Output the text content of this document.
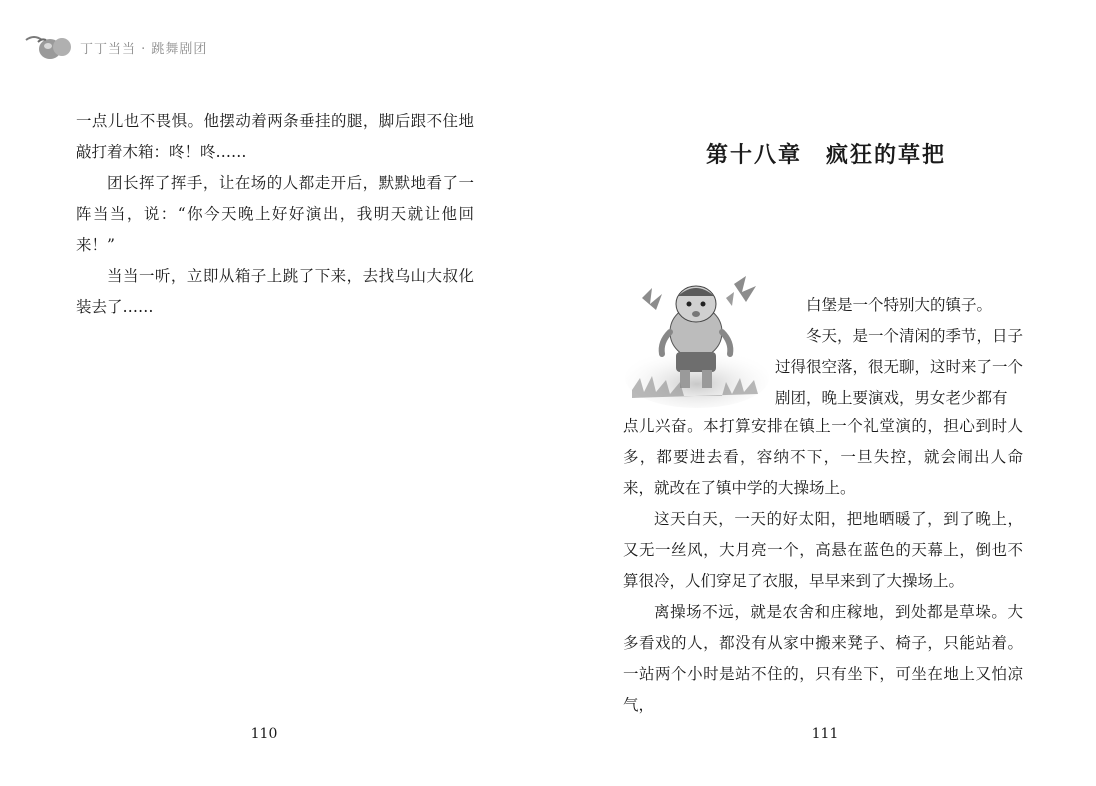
丁丁当当 · 跳舞剧团

一点儿也不畏惧。他摆动着两条垂挂的腿，脚后跟不住地敲打着木箱：咚！咚……

团长挥了挥手，让在场的人都走开后，默默地看了一阵当当，说：“你今天晚上好好演出，我明天就让他回来！”

当当一听，立即从箱子上跳了下来，去找乌山大叔化装去了……

110
第十八章 疯狂的草把

白堡是一个特别大的镇子。

冬天，是一个清闲的季节，日子过得很空落，很无聊，这时来了一个剧团，晚上要演戏，男女老少都有

点儿兴奋。本打算安排在镇上一个礼堂演的，担心到时人多，都要进去看，容纳不下，一旦失控，就会闹出人命来，就改在了镇中学的大操场上。

这天白天，一天的好太阳，把地晒暖了，到了晚上，又无一丝风，大月亮一个，高悬在蓝色的天幕上，倒也不算很冷，人们穿足了衣服，早早来到了大操场上。

离操场不远，就是农舍和庄稼地，到处都是草垛。大多看戏的人，都没有从家中搬来凳子、椅子，只能站着。一站两个小时是站不住的，只有坐下，可坐在地上又怕凉气，

111
